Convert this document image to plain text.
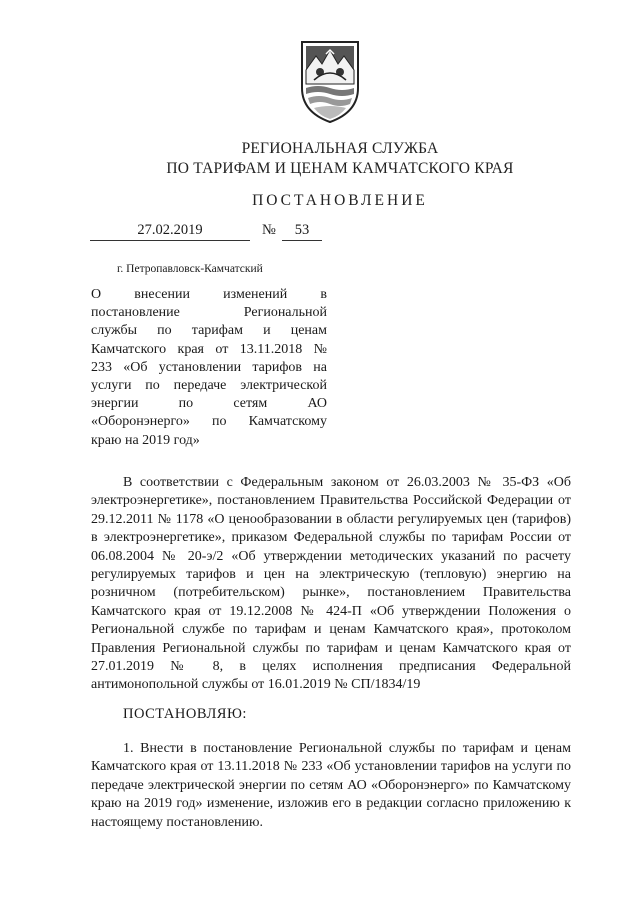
РЕГИОНАЛЬНАЯ СЛУЖБА
ПО ТАРИФАМ И ЦЕНАМ КАМЧАТСКОГО КРАЯ
ПОСТАНОВЛЕНИЕ
27.02.2019	№	53
г. Петропавловск-Камчатский
О внесении изменений в
постановление Региональной
службы по тарифам и ценам
Камчатского края от 13.11.2018 №
233 «Об установлении тарифов на
услуги по передаче электрической
энергии по сетям АО
«Оборонэнерго» по Камчатскому
краю на 2019 год»
В соответствии с Федеральным законом от 26.03.2003 № 35-ФЗ «Об
электроэнергетике», постановлением Правительства Российской Федерации от
29.12.2011 № 1178 «О ценообразовании в области регулируемых цен (тарифов)
в электроэнергетике», приказом Федеральной службы по тарифам России от
06.08.2004 № 20-э/2 «Об утверждении методических указаний по расчету
регулируемых тарифов и цен на электрическую (тепловую) энергию на
розничном (потребительском) рынке», постановлением Правительства
Камчатского края от 19.12.2008 № 424-П «Об утверждении Положения о
Региональной службе по тарифам и ценам Камчатского края», протоколом
Правления Региональной службы по тарифам и ценам Камчатского края от
27.01.2019 № 8, в целях исполнения предписания Федеральной
антимонопольной службы от 16.01.2019 № СП/1834/19
ПОСТАНОВЛЯЮ:
1. Внести в постановление Региональной службы по тарифам и ценам
Камчатского края от 13.11.2018 № 233 «Об установлении тарифов на услуги по
передаче электрической энергии по сетям АО «Оборонэнерго» по Камчатскому
краю на 2019 год» изменение, изложив его в редакции согласно приложению к
настоящему постановлению.
